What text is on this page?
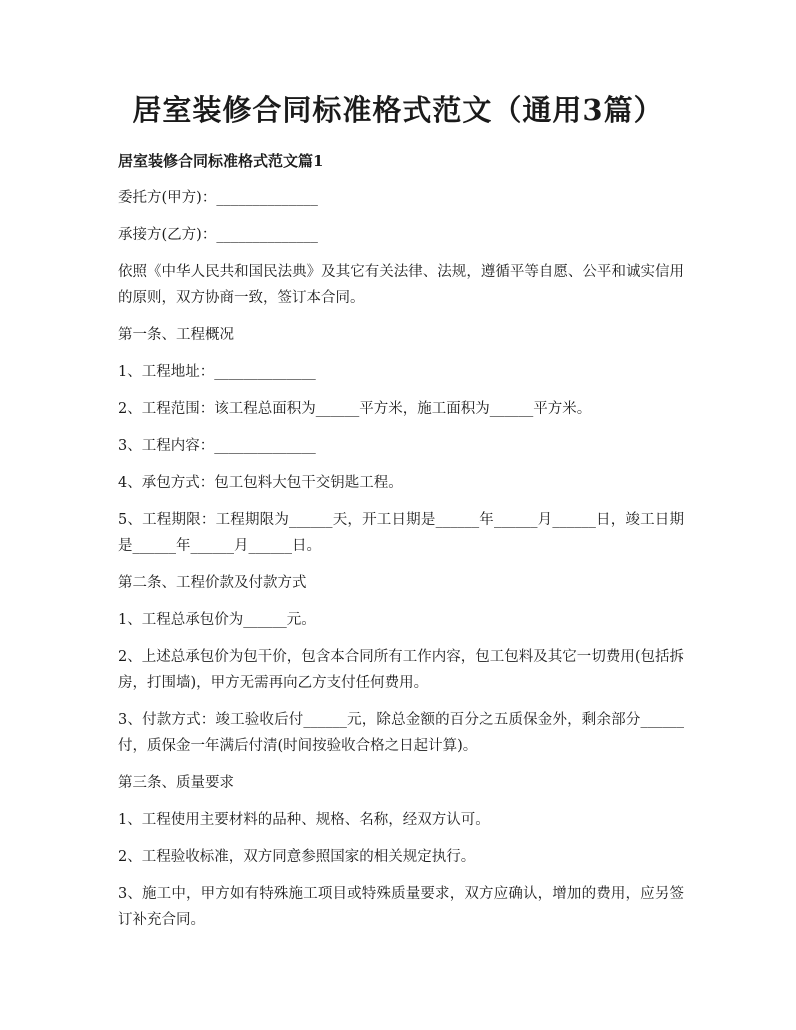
居室装修合同标准格式范文（通用3篇）
居室装修合同标准格式范文篇1

委托方(甲方)：______________

承接方(乙方)：______________

依照《中华人民共和国民法典》及其它有关法律、法规，遵循平等自愿、公平和诚实信用的原则，双方协商一致，签订本合同。

第一条、工程概况

1、工程地址：______________

2、工程范围：该工程总面积为______平方米，施工面积为______平方米。

3、工程内容：______________

4、承包方式：包工包料大包干交钥匙工程。

5、工程期限：工程期限为______天，开工日期是______年______月______日，竣工日期是______年______月______日。

第二条、工程价款及付款方式

1、工程总承包价为______元。

2、上述总承包价为包干价，包含本合同所有工作内容，包工包料及其它一切费用(包括拆房，打围墙)，甲方无需再向乙方支付任何费用。

3、付款方式：竣工验收后付______元，除总金额的百分之五质保金外，剩余部分______付，质保金一年满后付清(时间按验收合格之日起计算)。

第三条、质量要求

1、工程使用主要材料的品种、规格、名称，经双方认可。

2、工程验收标准，双方同意参照国家的相关规定执行。

3、施工中，甲方如有特殊施工项目或特殊质量要求，双方应确认，增加的费用，应另签订补充合同。
